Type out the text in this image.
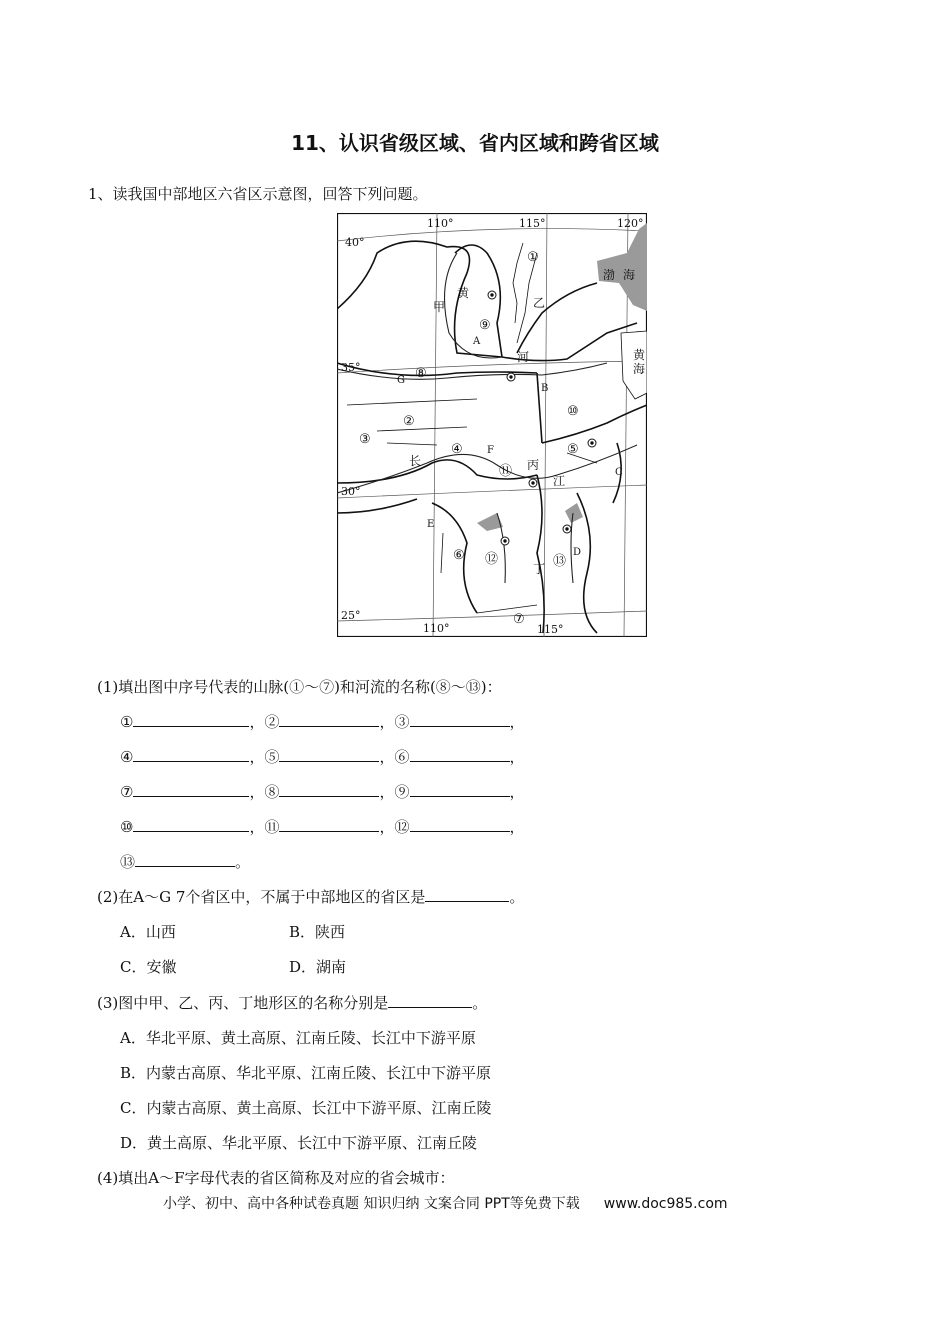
11、认识省级区域、省内区域和跨省区域
1、读我国中部地区六省区示意图，回答下列问题。
110°	115°	120°
110°	115°
40°
35°
30°
25°
渤 海
黄
海
甲	乙
丙
丁
黄
河
长
江
A
B
C
D
E
F
G
①
②
③
④	⑤
⑥
⑦
⑧
⑨
⑩
⑪
⑫	⑬
(1)填出图中序号代表的山脉(①～⑦)和河流的名称(⑧～⑬)：
①	，②	，③	，
④	，⑤	，⑥	，
⑦	，⑧	，⑨	，
⑩	，⑪	，⑫	，
⑬	。
(2)在A～G 7个省区中，不属于中部地区的省区是	。
A．山西	B．陕西
C．安徽	D．湖南
(3)图中甲、乙、丙、丁地形区的名称分别是	。
A．华北平原、黄土高原、江南丘陵、长江中下游平原
B．内蒙古高原、华北平原、江南丘陵、长江中下游平原
C．内蒙古高原、黄土高原、长江中下游平原、江南丘陵
D．黄土高原、华北平原、长江中下游平原、江南丘陵
(4)填出A～F字母代表的省区简称及对应的省会城市：
小学、初中、高中各种试卷真题 知识归纳 文案合同 PPT等免费下载 www.doc985.com
